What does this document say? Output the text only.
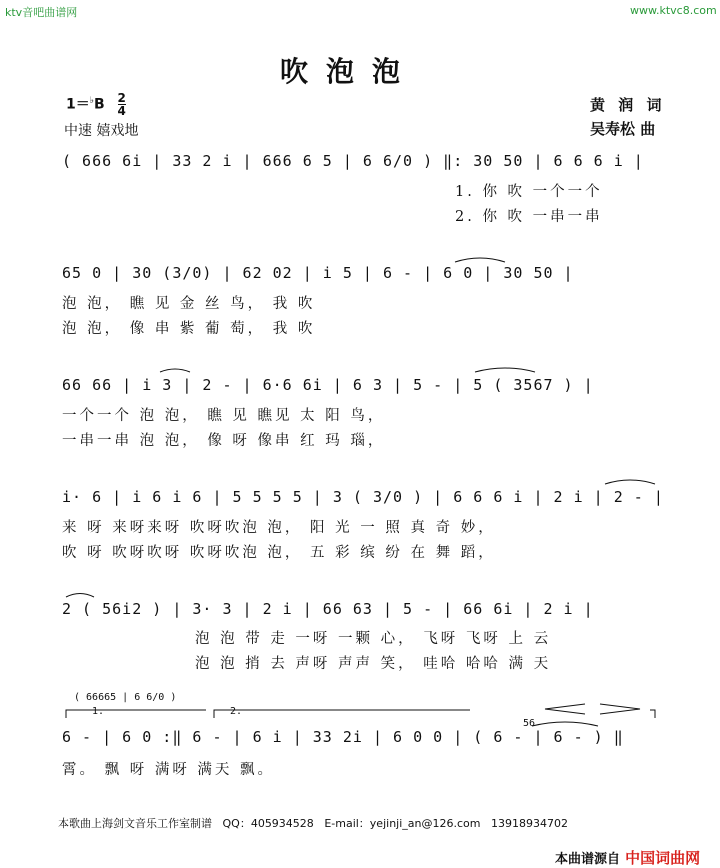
ktv音吧曲谱网	www.ktvc8.com
吹泡泡
$1=^♭B \frac{2}{4}$
中速 嬉戏地
黄 润 词
吴寿松 曲
( 666 6i | 33 2 i | 666 6 5 | 6 6/0 ) ‖: 30 50 | 6 6 6 i |
1. 你 吹 一个一个
2. 你 吹 一串一串
65 0 | 30 (3/0) | 62 02 | i 5 | 6 - | 6 0 | 30 50 |
泡 泡， 瞧 见 金 丝 鸟， 我 吹
泡 泡， 像 串 紫 葡 萄， 我 吹
66 66 | i 3 | 2 - | 6·6 6i | 6 3 | 5 - | 5 ( 3567 ) |
一个一个 泡 泡， 瞧 见 瞧见 太 阳 鸟，
一串一串 泡 泡， 像 呀 像串 红 玛 瑙，
i· 6 | i 6 i 6 | 5 5 5 5 | 3 ( 3/0 ) | 6 6 6 i | 2 i | 2 - |
来 呀 来呀来呀 吹呀吹泡 泡， 阳 光 一 照 真 奇 妙，
吹 呀 吹呀吹呀 吹呀吹泡 泡， 五 彩 缤 纷 在 舞 蹈，
2 ( 56i2 ) | 3· 3 | 2 i | 66 63 | 5 - | 66 6i | 2 i |
泡 泡 带 走 一呀 一颗 心， 飞呀 飞呀 上 云
泡 泡 捎 去 声呀 声声 笑， 哇哈 哈哈 满 天
( 66665 | 6 6/0 )
1.	2.
56
6 - | 6 0 :‖ 6 - | 6 i | 33 2i | 6 0 0 | ( 6 - | 6 - ) ‖
霄。 飘 呀 满呀 满天 飘。
本歌曲上海剑文音乐工作室制谱 QQ：405934528 E-mail：yejinji_an@126.com 13918934702
本曲谱源自 中国词曲网
